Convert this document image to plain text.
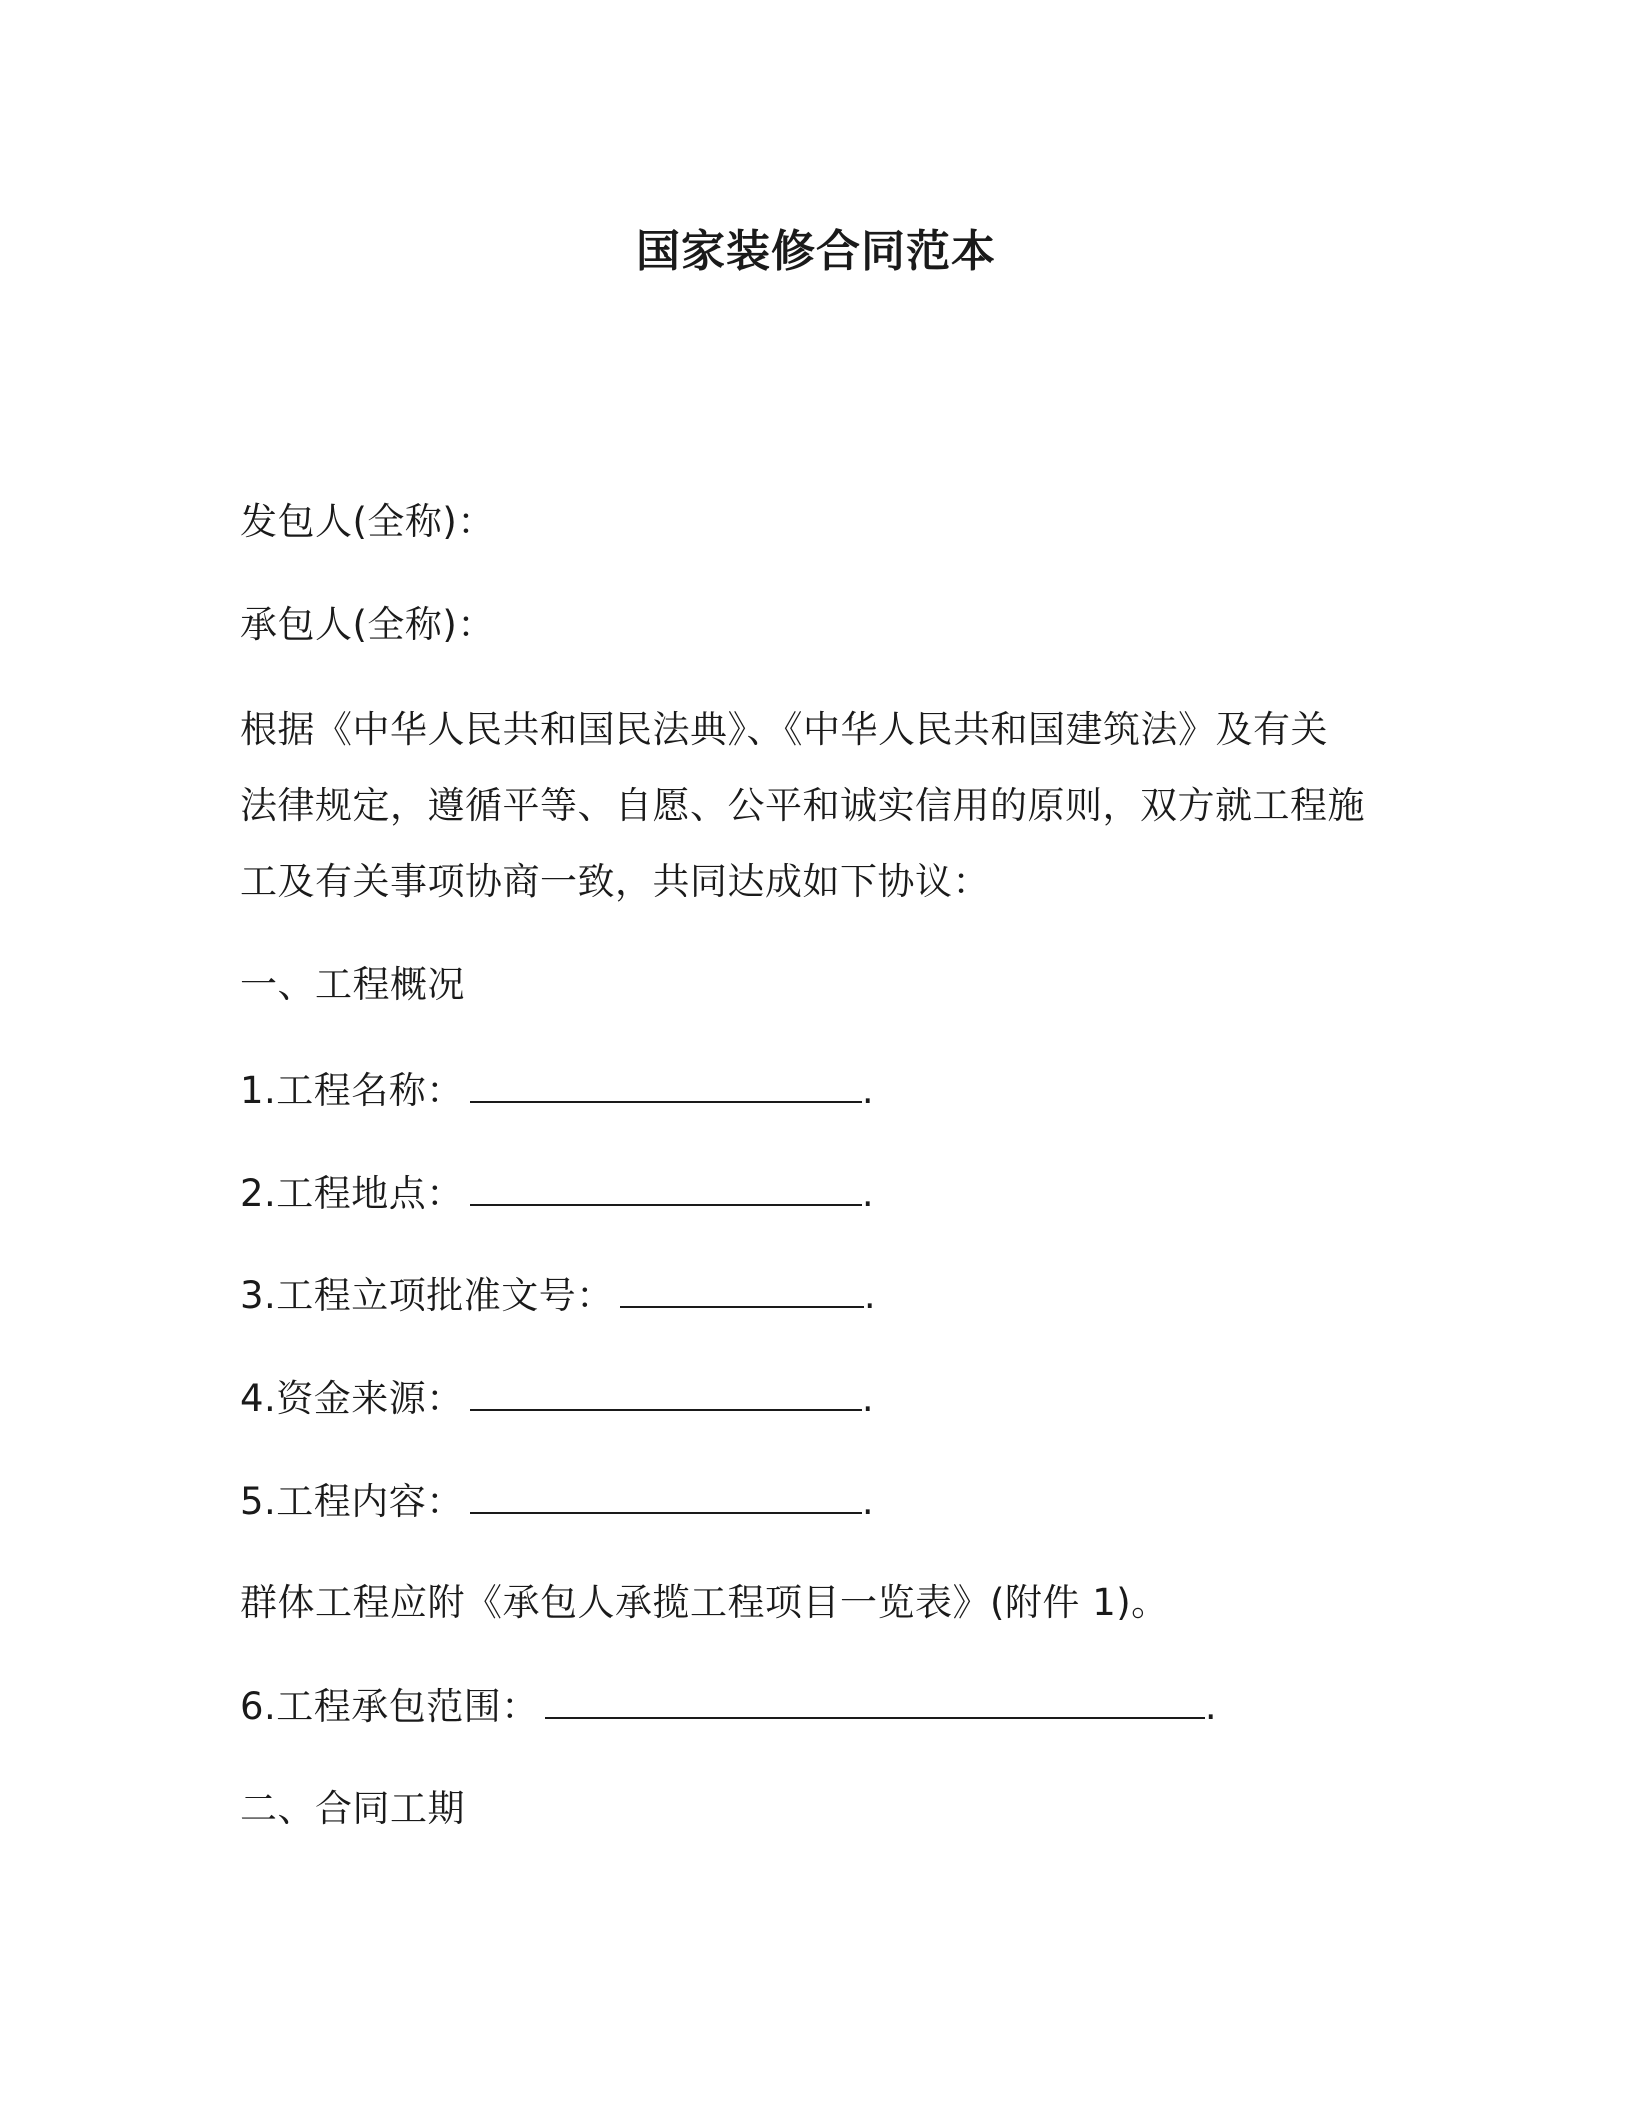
国家装修合同范本
发包人(全称)：
承包人(全称)：
根据《中华人民共和国民法典》、《中华人民共和国建筑法》及有关
法律规定，遵循平等、自愿、公平和诚实信用的原则，双方就工程施
工及有关事项协商一致，共同达成如下协议：
一、工程概况
1.工程名称：	.
2.工程地点：	.
3.工程立项批准文号：	.
4.资金来源：	.
5.工程内容：	.
群体工程应附《承包人承揽工程项目一览表》(附件 1)。
6.工程承包范围：	.
二、合同工期
